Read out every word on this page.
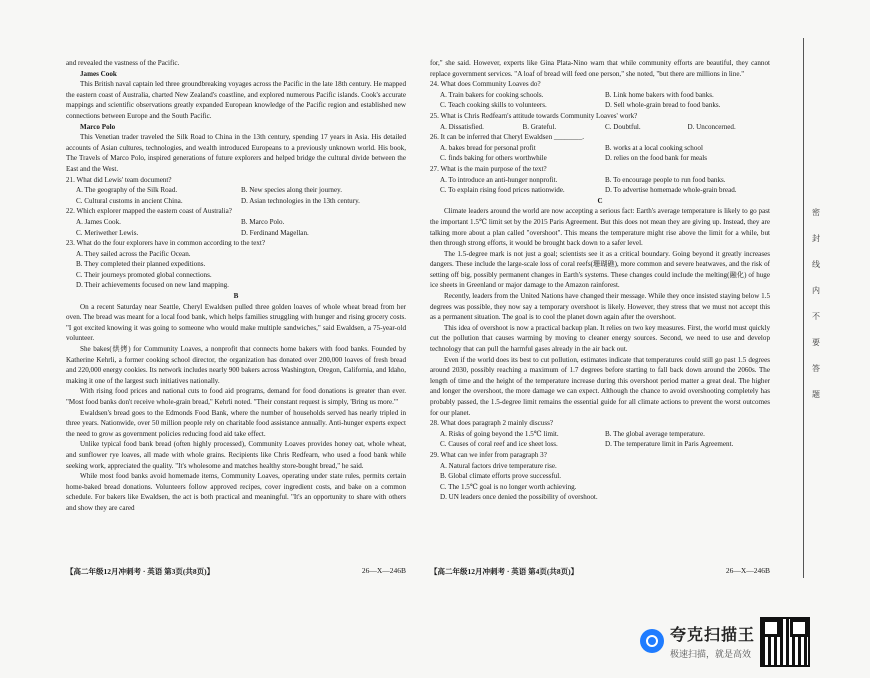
and revealed the vastness of the Pacific.

James Cook

This British naval captain led three groundbreaking voyages across the Pacific in the late 18th century. He mapped the eastern coast of Australia, charted New Zealand's coastline, and explored numerous Pacific islands. Cook's accurate mappings and scientific observations greatly expanded European knowledge of the Pacific region and established new connections between Europe and the South Pacific.

Marco Polo

This Venetian trader traveled the Silk Road to China in the 13th century, spending 17 years in Asia. His detailed accounts of Asian cultures, technologies, and wealth introduced Europeans to a previously unknown world. His book, The Travels of Marco Polo, inspired generations of future explorers and helped bridge the cultural divide between the East and the West.

21. What did Lewis' team document?
A. The geography of the Silk Road.	B. New species along their journey.
C. Cultural customs in ancient China.	D. Asian technologies in the 13th century.
22. Which explorer mapped the eastern coast of Australia?
A. James Cook.	B. Marco Polo.
C. Meriwether Lewis.	D. Ferdinand Magellan.
23. What do the four explorers have in common according to the text?
A. They sailed across the Pacific Ocean.
B. They completed their planned expeditions.
C. Their journeys promoted global connections.
D. Their achievements focused on new land mapping.
B

On a recent Saturday near Seattle, Cheryl Ewaldsen pulled three golden loaves of whole wheat bread from her oven. The bread was meant for a local food bank, which helps families struggling with hunger and rising grocery costs. "I got excited knowing it was going to someone who would make multiple sandwiches," said Ewaldsen, a 75-year-old volunteer.

She bakes(烘烤) for Community Loaves, a nonprofit that connects home bakers with food banks. Founded by Katherine Kehrli, a former cooking school director, the organization has donated over 200,000 loaves of fresh bread and 220,000 energy cookies. Its network includes nearly 900 bakers across Washington, Oregon, California, and Idaho, making it one of the largest such initiatives nationally.

With rising food prices and national cuts to food aid programs, demand for food donations is greater than ever. "Most food banks don't receive whole-grain bread," Kehrli noted. "Their constant request is simply, 'Bring us more.'"

Ewaldsen's bread goes to the Edmonds Food Bank, where the number of households served has nearly tripled in three years. Nationwide, over 50 million people rely on charitable food assistance annually. Anti-hunger experts expect the need to grow as government policies reducing food aid take effect.

Unlike typical food bank bread (often highly processed), Community Loaves provides honey oat, whole wheat, and sunflower rye loaves, all made with whole grains. Recipients like Chris Redfearn, who used a food bank while seeking work, appreciated the quality. "It's wholesome and matches healthy store-bought bread," he said.

While most food banks avoid homemade items, Community Loaves, operating under state rules, permits certain home-baked bread donations. Volunteers follow approved recipes, cover ingredient costs, and bake on a common schedule. For bakers like Ewaldsen, the act is both practical and meaningful. "It's an opportunity to share with others and show they are cared

for," she said. However, experts like Gina Plata-Nino warn that while community efforts are beautiful, they cannot replace government services. "A loaf of bread will feed one person," she noted, "but there are millions in line."

24. What does Community Loaves do?
A. Train bakers for cooking schools.	B. Link home bakers with food banks.
C. Teach cooking skills to volunteers.	D. Sell whole-grain bread to food banks.
25. What is Chris Redfearn's attitude towards Community Loaves' work?
A. Dissatisfied.	B. Grateful.	C. Doubtful.	D. Unconcerned.
26. It can be inferred that Cheryl Ewaldsen ________.
A. bakes bread for personal profit	B. works at a local cooking school
C. finds baking for others worthwhile	D. relies on the food bank for meals
27. What is the main purpose of the text?
A. To introduce an anti-hunger nonprofit.	B. To encourage people to run food banks.
C. To explain rising food prices nationwide.	D. To advertise homemade whole-grain bread.
C

Climate leaders around the world are now accepting a serious fact: Earth's average temperature is likely to go past the important 1.5℃ limit set by the 2015 Paris Agreement. But this does not mean they are giving up. Instead, they are talking more about a plan called "overshoot". This means the temperature might rise above the limit for a while, but then through strong efforts, it would be brought back down to a safer level.

The 1.5-degree mark is not just a goal; scientists see it as a critical boundary. Going beyond it greatly increases dangers. These include the large-scale loss of coral reefs(珊瑚礁), more common and severe heatwaves, and the risk of setting off big, possibly permanent changes in Earth's systems. These changes could include the melting(融化) of huge ice sheets in Greenland or major damage to the Amazon rainforest.

Recently, leaders from the United Nations have changed their message. While they once insisted staying below 1.5 degrees was possible, they now say a temporary overshoot is likely. However, they stress that we must not accept this as a permanent situation. The goal is to cool the planet down again after the overshoot.

This idea of overshoot is now a practical backup plan. It relies on two key measures. First, the world must quickly cut the pollution that causes warming by moving to cleaner energy sources. Second, we need to use and develop technology that can pull the harmful gases already in the air back out.

Even if the world does its best to cut pollution, estimates indicate that temperatures could still go past 1.5 degrees around 2030, possibly reaching a maximum of 1.7 degrees before starting to fall back down around the 2060s. The length of time and the height of the temperature increase during this overshoot period matter a great deal. The higher and longer the overshoot, the more damage we can expect. Although the chance to avoid overshooting completely has probably passed, the 1.5-degree limit remains the essential guide for all climate actions to prevent the worst outcomes for our planet.

28. What does paragraph 2 mainly discuss?
A. Risks of going beyond the 1.5℃ limit.	B. The global average temperature.
C. Causes of coral reef and ice sheet loss.	D. The temperature limit in Paris Agreement.
29. What can we infer from paragraph 3?
A. Natural factors drive temperature rise.
B. Global climate efforts prove successful.
C. The 1.5℃ goal is no longer worth achieving.
D. UN leaders once denied the possibility of overshoot.
【高二年级12月冲刺考 · 英语 第3页(共8页)】	26—X—246B	【高二年级12月冲刺考 · 英语 第4页(共8页)】	26—X—246B
密
封
线
内
不
要
答
题
夸克扫描王
极速扫描，就是高效
